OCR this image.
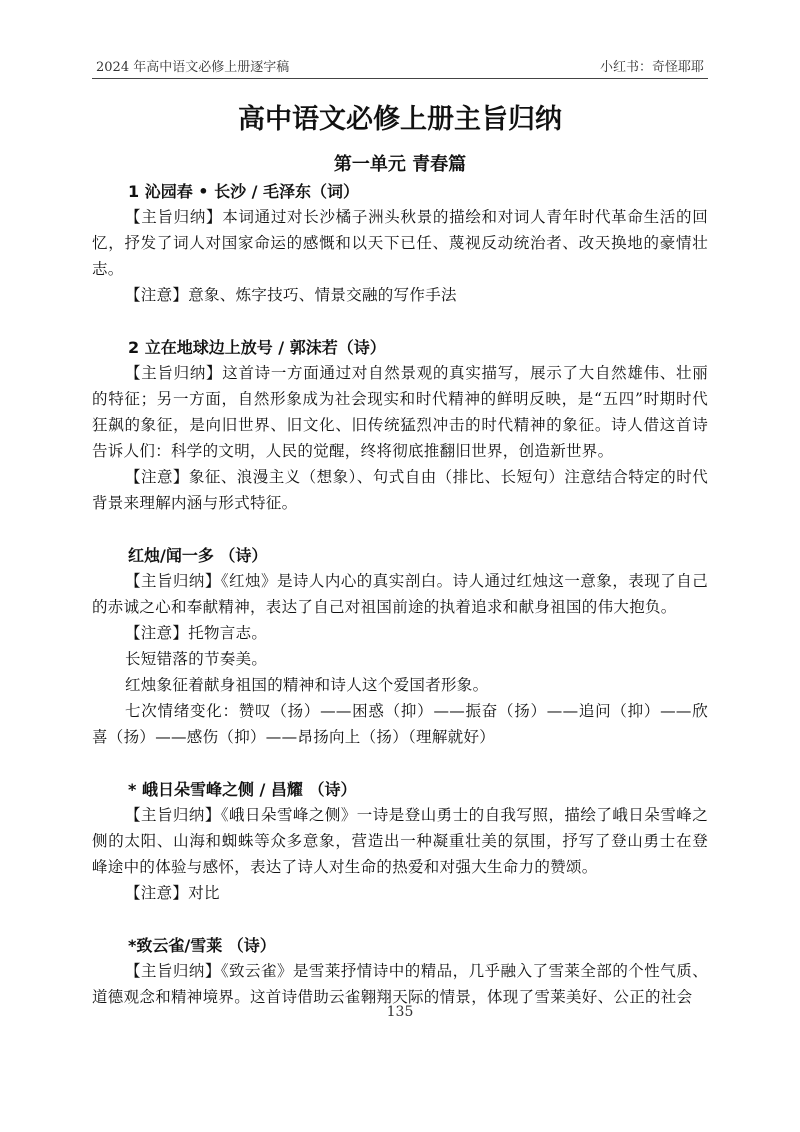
2024 年高中语文必修上册逐字稿	小红书：奇怪耶耶
高中语文必修上册主旨归纳
第一单元 青春篇
1 沁园春 • 长沙 / 毛泽东（词）

【主旨归纳】本词通过对长沙橘子洲头秋景的描绘和对词人青年时代革命生活的回忆，抒发了词人对国家命运的感慨和以天下已任、蔑视反动统治者、改天换地的豪情壮志。

【注意】意象、炼字技巧、情景交融的写作手法

2 立在地球边上放号 / 郭沫若（诗）

【主旨归纳】这首诗一方面通过对自然景观的真实描写，展示了大自然雄伟、壮丽的特征；另一方面，自然形象成为社会现实和时代精神的鲜明反映，是“五四”时期时代狂飙的象征，是向旧世界、旧文化、旧传统猛烈冲击的时代精神的象征。诗人借这首诗告诉人们：科学的文明，人民的觉醒，终将彻底推翻旧世界，创造新世界。

【注意】象征、浪漫主义（想象）、句式自由（排比、长短句）注意结合特定的时代背景来理解内涵与形式特征。

红烛/闻一多 （诗）

【主旨归纳】《红烛》是诗人内心的真实剖白。诗人通过红烛这一意象，表现了自己的赤诚之心和奉献精神，表达了自己对祖国前途的执着追求和献身祖国的伟大抱负。

【注意】托物言志。

长短错落的节奏美。

红烛象征着献身祖国的精神和诗人这个爱国者形象。

七次情绪变化：赞叹（扬）——困惑（抑）——振奋（扬）——追问（抑）——欣喜（扬）——感伤（抑）——昂扬向上（扬）（理解就好）

* 峨日朵雪峰之侧 / 昌耀 （诗）

【主旨归纳】《峨日朵雪峰之侧》一诗是登山勇士的自我写照，描绘了峨日朵雪峰之侧的太阳、山海和蜘蛛等众多意象，营造出一种凝重壮美的氛围，抒写了登山勇士在登峰途中的体验与感怀，表达了诗人对生命的热爱和对强大生命力的赞颂。

【注意】对比

*致云雀/雪莱 （诗）

【主旨归纳】《致云雀》是雪莱抒情诗中的精品，几乎融入了雪莱全部的个性气质、道德观念和精神境界。这首诗借助云雀翱翔天际的情景，体现了雪莱美好、公正的社会

135
